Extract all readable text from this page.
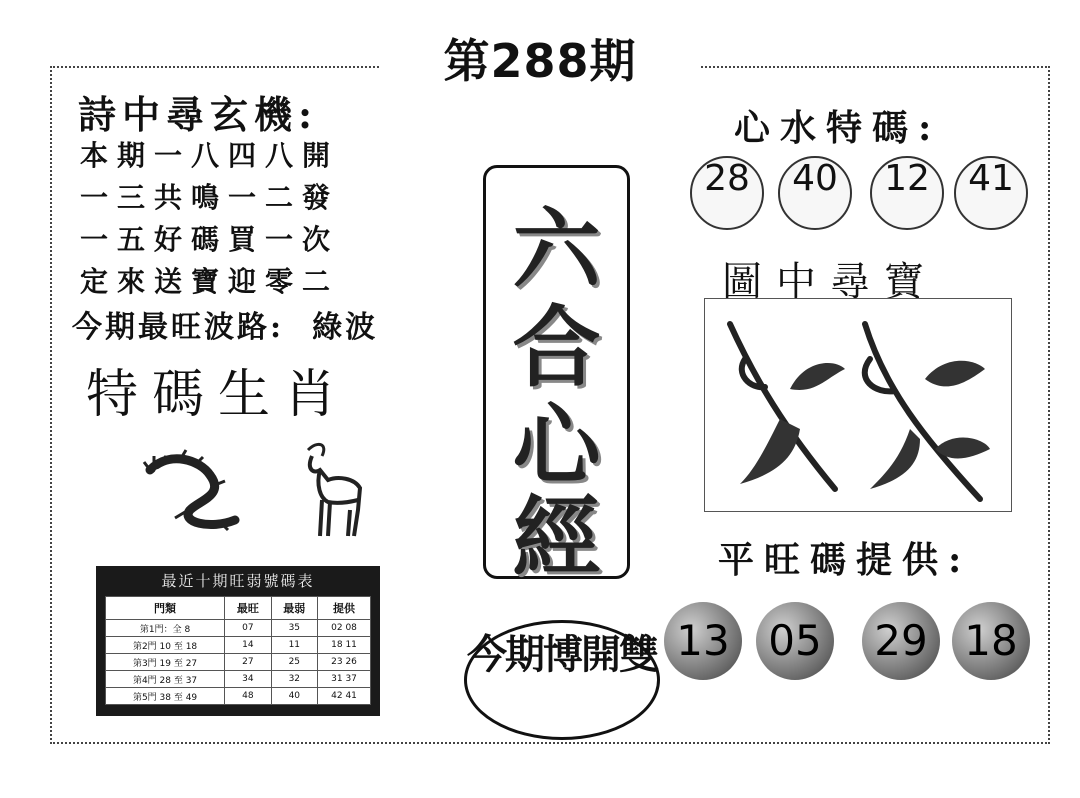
第288期
詩中尋玄機:
本期一八四八開
一三共鳴一二發
一五好碼買一次
定來送寶迎零二
今期最旺波路: 綠波
特碼生肖
最近十期旺弱號碼表
門類	最旺	最弱	提供
第1門：全 8	07	35	02 08
第2門 10 至 18	14	11	18 11
第3門 19 至 27	27	25	23 26
第4門 28 至 37	34	32	31 37
第5門 38 至 49	48	40	42 41
六
合
心
經
今期博開雙
心水特碼:
28	40	12	41
圖中尋寶
平旺碼提供:
13 05 29 18
